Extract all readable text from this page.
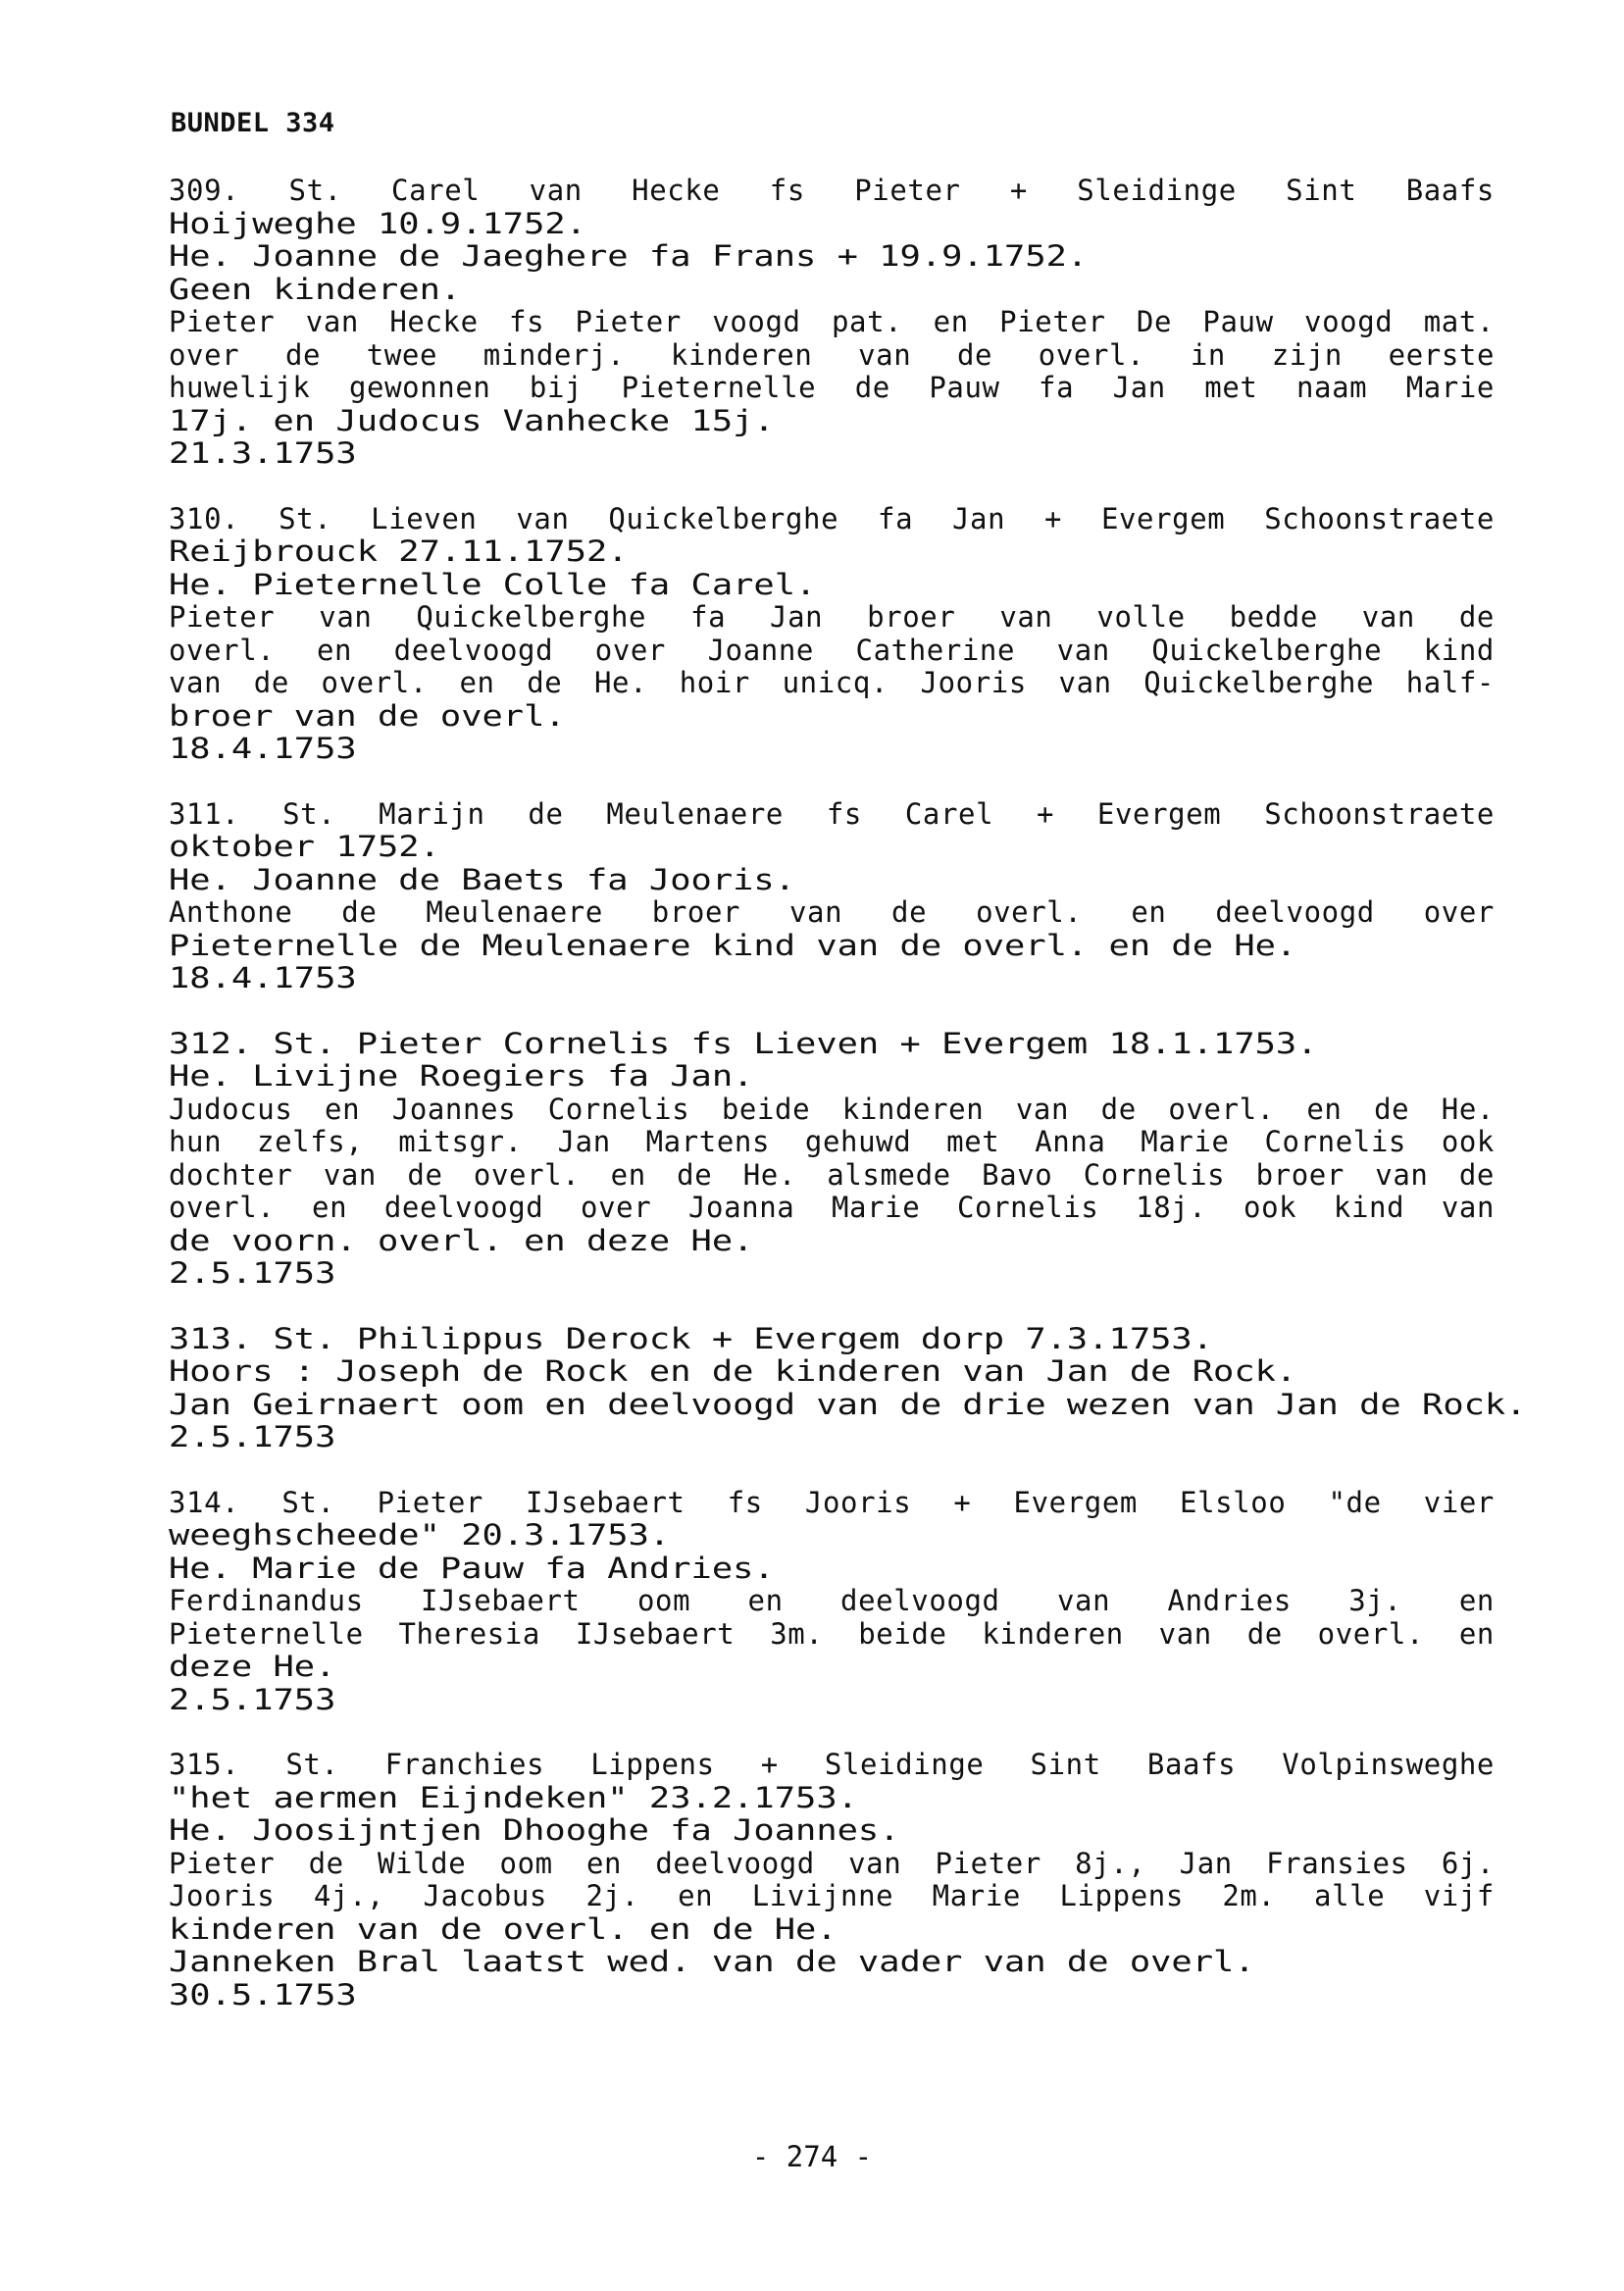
BUNDEL 334
309. St. Carel van Hecke fs Pieter + Sleidinge Sint Baafs
Hoijweghe 10.9.1752.
He. Joanne de Jaeghere fa Frans + 19.9.1752.
Geen kinderen.
Pieter van Hecke fs Pieter voogd pat. en Pieter De Pauw voogd mat.
over de twee minderj. kinderen van de overl. in zijn eerste
huwelijk gewonnen bij Pieternelle de Pauw fa Jan met naam Marie
17j. en Judocus Vanhecke 15j.
21.3.1753
310. St. Lieven van Quickelberghe fa Jan + Evergem Schoonstraete
Reijbrouck 27.11.1752.
He. Pieternelle Colle fa Carel.
Pieter van Quickelberghe fa Jan broer van volle bedde van de
overl. en deelvoogd over Joanne Catherine van Quickelberghe kind
van de overl. en de He. hoir unicq. Jooris van Quickelberghe half-
broer van de overl.
18.4.1753
311. St. Marijn de Meulenaere fs Carel + Evergem Schoonstraete
oktober 1752.
He. Joanne de Baets fa Jooris.
Anthone de Meulenaere broer van de overl. en deelvoogd over
Pieternelle de Meulenaere kind van de overl. en de He.
18.4.1753
312. St. Pieter Cornelis fs Lieven + Evergem 18.1.1753.
He. Livijne Roegiers fa Jan.
Judocus en Joannes Cornelis beide kinderen van de overl. en de He.
hun zelfs, mitsgr. Jan Martens gehuwd met Anna Marie Cornelis ook
dochter van de overl. en de He. alsmede Bavo Cornelis broer van de
overl. en deelvoogd over Joanna Marie Cornelis 18j. ook kind van
de voorn. overl. en deze He.
2.5.1753
313. St. Philippus Derock + Evergem dorp 7.3.1753.
Hoors : Joseph de Rock en de kinderen van Jan de Rock.
Jan Geirnaert oom en deelvoogd van de drie wezen van Jan de Rock.
2.5.1753
314. St. Pieter IJsebaert fs Jooris + Evergem Elsloo "de vier
weeghscheede" 20.3.1753.
He. Marie de Pauw fa Andries.
Ferdinandus IJsebaert oom en deelvoogd van Andries 3j. en
Pieternelle Theresia IJsebaert 3m. beide kinderen van de overl. en
deze He.
2.5.1753
315. St. Franchies Lippens + Sleidinge Sint Baafs Volpinsweghe
"het aermen Eijndeken" 23.2.1753.
He. Joosijntjen Dhooghe fa Joannes.
Pieter de Wilde oom en deelvoogd van Pieter 8j., Jan Fransies 6j.
Jooris 4j., Jacobus 2j. en Livijnne Marie Lippens 2m. alle vijf
kinderen van de overl. en de He.
Janneken Bral laatst wed. van de vader van de overl.
30.5.1753
- 274 -
